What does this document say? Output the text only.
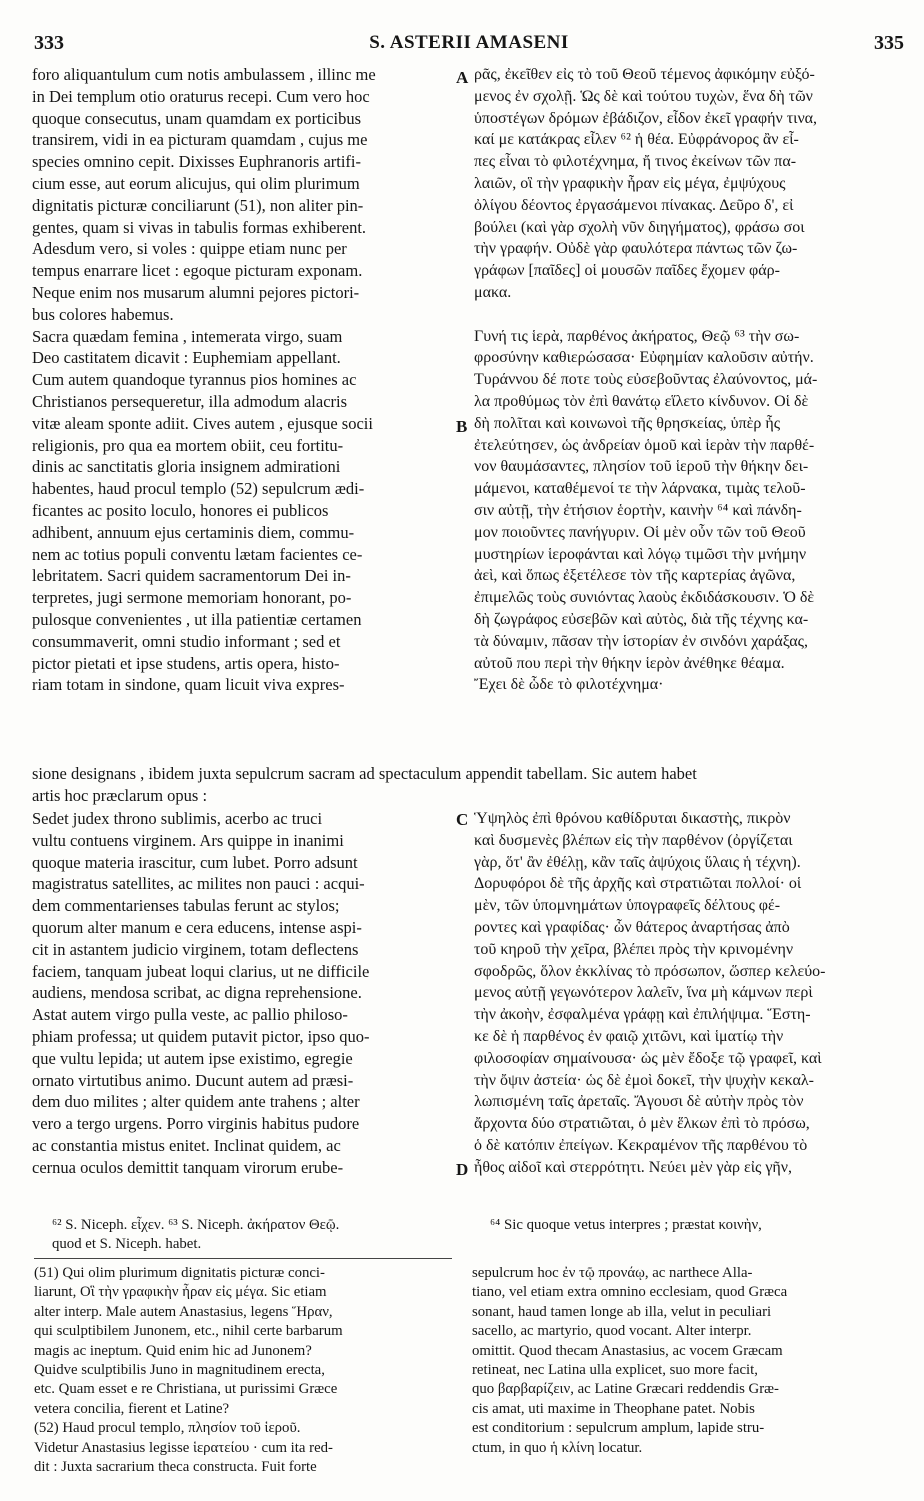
333	S. ASTERII AMASENI	335
foro aliquantulum cum notis ambulassem , illinc me
in Dei templum otio oraturus recepi. Cum vero hoc
quoque consecutus, unam quamdam ex porticibus
transirem, vidi in ea picturam quamdam , cujus me
species omnino cepit. Dixisses Euphranoris artifi-
cium esse, aut eorum alicujus, qui olim plurimum
dignitatis picturæ conciliarunt (51), non aliter pin-
gentes, quam si vivas in tabulis formas exhiberent.
Adesdum vero, si voles : quippe etiam nunc per
tempus enarrare licet : egoque picturam exponam.
Neque enim nos musarum alumni pejores pictori-
bus colores habemus.
Sacra quædam femina , intemerata virgo, suam
Deo castitatem dicavit : Euphemiam appellant.
Cum autem quandoque tyrannus pios homines ac
Christianos persequeretur, illa admodum alacris
vitæ aleam sponte adiit. Cives autem , ejusque socii
religionis, pro qua ea mortem obiit, ceu fortitu-
dinis ac sanctitatis gloria insignem admirationi
habentes, haud procul templo (52) sepulcrum ædi-
ficantes ac posito loculo, honores ei publicos
adhibent, annuum ejus certaminis diem, commu-
nem ac totius populi conventu lætam facientes ce-
lebritatem. Sacri quidem sacramentorum Dei in-
terpretes, jugi sermone memoriam honorant, po-
pulosque convenientes , ut illa patientiæ certamen
consummaverit, omni studio informant ; sed et
pictor pietati et ipse studens, artis opera, histo-
riam totam in sindone, quam licuit viva expres-
ρᾶς, ἐκεῖθεν εἰς τὸ τοῦ Θεοῦ τέμενος ἀφικόμην εὐξό-
μενος ἐν σχολῇ. Ὡς δὲ καὶ τούτου τυχὼν, ἕνα δὴ τῶν
ὑποστέγων δρόμων ἐβάδιζον, εἶδον ἐκεῖ γραφήν τινα,
καί με κατάκρας εἷλεν ⁶² ἡ θέα. Εὐφράνορος ἂν εἶ-
πες εἶναι τὸ φιλοτέχνημα, ἤ τινος ἐκείνων τῶν πα-
λαιῶν, οἳ τὴν γραφικὴν ἦραν εἰς μέγα, ἐμψύχους
ὀλίγου δέοντος ἐργασάμενοι πίνακας. Δεῦρο δ', εἰ
βούλει (καὶ γὰρ σχολὴ νῦν διηγήματος), φράσω σοι
τὴν γραφήν. Οὐδὲ γὰρ φαυλότερα πάντως τῶν ζω-
γράφων [παῖδες] οἱ μουσῶν παῖδες ἔχομεν φάρ-
μακα.
Γυνή τις ἱερὰ, παρθένος ἀκήρατος, Θεῷ ⁶³ τὴν σω-
φροσύνην καθιερώσασα· Εὐφημίαν καλοῦσιν αὐτήν.
Τυράννου δέ ποτε τοὺς εὐσεβοῦντας ἐλαύνοντος, μά-
λα προθύμως τὸν ἐπὶ θανάτῳ εἵλετο κίνδυνον. Οἱ δὲ
δὴ πολῖται καὶ κοινωνοὶ τῆς θρησκείας, ὑπὲρ ἧς
ἐτελεύτησεν, ὡς ἀνδρείαν ὁμοῦ καὶ ἱερὰν τὴν παρθέ-
νον θαυμάσαντες, πλησίον τοῦ ἱεροῦ τὴν θήκην δει-
μάμενοι, καταθέμενοί τε τὴν λάρνακα, τιμὰς τελοῦ-
σιν αὐτῇ, τὴν ἐτήσιον ἑορτὴν, καινὴν ⁶⁴ καὶ πάνδη-
μον ποιοῦντες πανήγυριν. Οἱ μὲν οὖν τῶν τοῦ Θεοῦ
μυστηρίων ἱεροφάνται καὶ λόγῳ τιμῶσι τὴν μνήμην
ἀεὶ, καὶ ὅπως ἐξετέλεσε τὸν τῆς καρτερίας ἀγῶνα,
ἐπιμελῶς τοὺς συνιόντας λαοὺς ἐκδιδάσκουσιν. Ὁ δὲ
δὴ ζωγράφος εὐσεβῶν καὶ αὐτὸς, διὰ τῆς τέχνης κα-
τὰ δύναμιν, πᾶσαν τὴν ἱστορίαν ἐν σινδόνι χαράξας,
αὐτοῦ που περὶ τὴν θήκην ἱερὸν ἀνέθηκε θέαμα.
Ἔχει δὲ ὧδε τὸ φιλοτέχνημα·
sione designans , ibidem juxta sepulcrum sacram ad spectaculum appendit tabellam. Sic autem habet
artis hoc præclarum opus :
Sedet judex throno sublimis, acerbo ac truci
vultu contuens virginem. Ars quippe in inanimi
quoque materia irascitur, cum lubet. Porro adsunt
magistratus satellites, ac milites non pauci : acqui-
dem commentarienses tabulas ferunt ac stylos;
quorum alter manum e cera educens, intense aspi-
cit in astantem judicio virginem, totam deflectens
faciem, tanquam jubeat loqui clarius, ut ne difficile
audiens, mendosa scribat, ac digna reprehensione.
Astat autem virgo pulla veste, ac pallio philoso-
phiam professa; ut quidem putavit pictor, ipso quo-
que vultu lepida; ut autem ipse existimo, egregie
ornato virtutibus animo. Ducunt autem ad præsi-
dem duo milites ; alter quidem ante trahens ; alter
vero a tergo urgens. Porro virginis habitus pudore
ac constantia mistus enitet. Inclinat quidem, ac
cernua oculos demittit tanquam virorum erube-
Ὑψηλὸς ἐπὶ θρόνου καθίδρυται δικαστὴς, πικρὸν
καὶ δυσμενὲς βλέπων εἰς τὴν παρθένον (ὀργίζεται
γὰρ, ὅτ' ἂν ἐθέλῃ, κἂν ταῖς ἀψύχοις ὕλαις ἡ τέχνη).
Δορυφόροι δὲ τῆς ἀρχῆς καὶ στρατιῶται πολλοί· οἱ
μὲν, τῶν ὑπομνημάτων ὑπογραφεῖς δέλτους φέ-
ροντες καὶ γραφίδας· ὧν θάτερος ἀναρτήσας ἀπὸ
τοῦ κηροῦ τὴν χεῖρα, βλέπει πρὸς τὴν κρινομένην
σφοδρῶς, ὅλον ἐκκλίνας τὸ πρόσωπον, ὥσπερ κελεύο-
μενος αὐτῇ γεγωνότερον λαλεῖν, ἵνα μὴ κάμνων περὶ
τὴν ἀκοὴν, ἐσφαλμένα γράφῃ καὶ ἐπιλήψιμα. Ἕστη-
κε δὲ ἡ παρθένος ἐν φαιῷ χιτῶνι, καὶ ἱματίῳ τὴν
φιλοσοφίαν σημαίνουσα· ὡς μὲν ἔδοξε τῷ γραφεῖ, καὶ
τὴν ὄψιν ἀστεία· ὡς δὲ ἐμοὶ δοκεῖ, τὴν ψυχὴν κεκαλ-
λωπισμένη ταῖς ἀρεταῖς. Ἄγουσι δὲ αὐτὴν πρὸς τὸν
ἄρχοντα δύο στρατιῶται, ὁ μὲν ἕλκων ἐπὶ τὸ πρόσω,
ὁ δὲ κατόπιν ἐπείγων. Κεκραμένον τῆς παρθένου τὸ
ἦθος αἰδοῖ καὶ στερρότητι. Νεύει μὲν γὰρ εἰς γῆν,
A
B
C
D
⁶² S. Niceph. εἶχεν. ⁶³ S. Niceph. ἀκήρατον Θεῷ.
quod et S. Niceph. habet.
⁶⁴ Sic quoque vetus interpres ; præstat κοινὴν,
(51) Qui olim plurimum dignitatis picturæ conci-
liarunt, Οἳ τὴν γραφικὴν ἦραν εἰς μέγα. Sic etiam
alter interp. Male autem Anastasius, legens Ἥραν,
qui sculptibilem Junonem, etc., nihil certe barbarum
magis ac ineptum. Quid enim hic ad Junonem?
Quidve sculptibilis Juno in magnitudinem erecta,
etc. Quam esset e re Christiana, ut purissimi Græce
vetera concilia, fierent et Latine?
(52) Haud procul templo, πλησίον τοῦ ἱεροῦ.
Videtur Anastasius legisse ἱερατείου · cum ita red-
dit : Juxta sacrarium theca constructa. Fuit forte
sepulcrum hoc ἐν τῷ προνάῳ, ac narthece Alla-
tiano, vel etiam extra omnino ecclesiam, quod Græca
sonant, haud tamen longe ab illa, velut in peculiari
sacello, ac martyrio, quod vocant. Alter interpr.
omittit. Quod thecam Anastasius, ac vocem Græcam
retineat, nec Latina ulla explicet, suo more facit,
quo βαρβαρίζειν, ac Latine Græcari reddendis Græ-
cis amat, uti maxime in Theophane patet. Nobis
est conditorium : sepulcrum amplum, lapide stru-
ctum, in quo ἡ κλίνη locatur.
